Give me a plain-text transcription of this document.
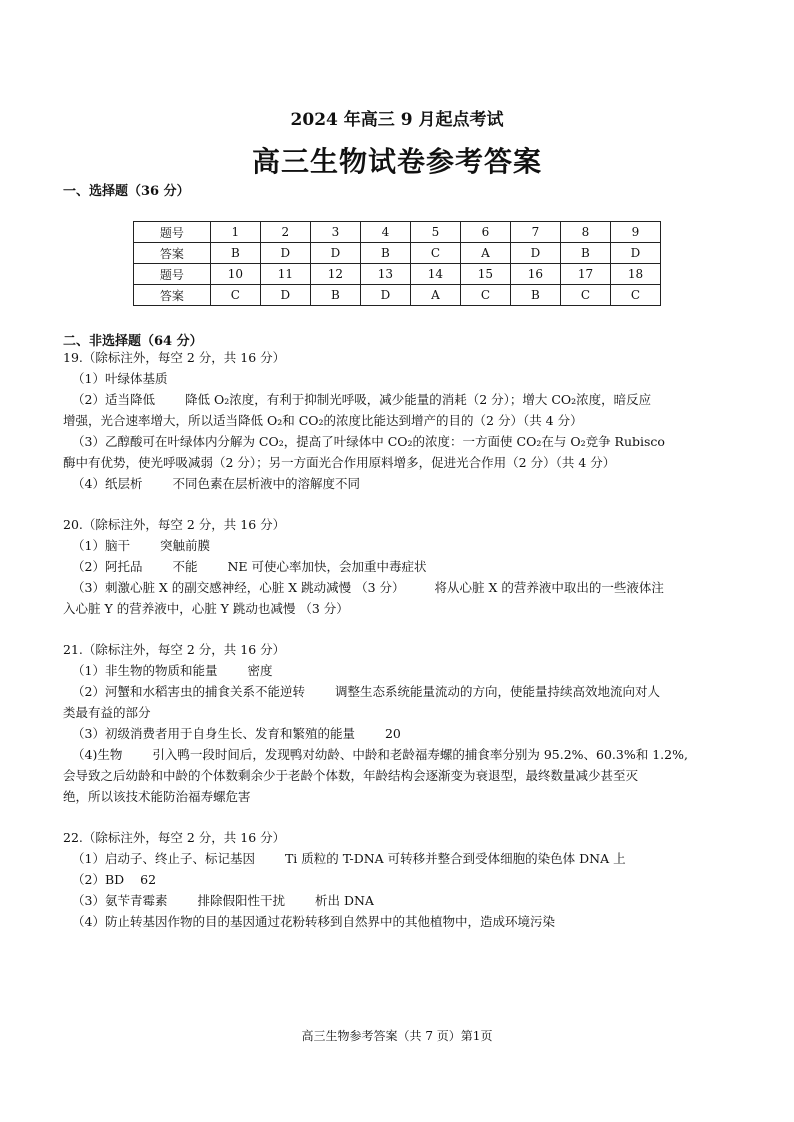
2024 年高三 9 月起点考试
高三生物试卷参考答案
一、选择题（36 分）
题号	1	2	3	4	5	6	7	8	9
答案	B	D	D	B	C	A	D	B	D
题号	10	11	12	13	14	15	16	17	18
答案	C	D	B	D	A	C	B	C	C
二、非选择题（64 分）
19.（除标注外，每空 2 分，共 16 分）
（1）叶绿体基质
（2）适当降低 降低 O₂浓度，有利于抑制光呼吸，减少能量的消耗（2 分）；增大 CO₂浓度，暗反应
增强，光合速率增大，所以适当降低 O₂和 CO₂的浓度比能达到增产的目的（2 分）（共 4 分）
（3）乙醇酸可在叶绿体内分解为 CO₂，提高了叶绿体中 CO₂的浓度：一方面使 CO₂在与 O₂竞争 Rubisco
酶中有优势，使光呼吸减弱（2 分）；另一方面光合作用原料增多，促进光合作用（2 分）（共 4 分）
（4）纸层析 不同色素在层析液中的溶解度不同
20.（除标注外，每空 2 分，共 16 分）
（1）脑干 突触前膜
（2）阿托品 不能 NE 可使心率加快，会加重中毒症状
（3）刺激心脏 X 的副交感神经，心脏 X 跳动减慢 （3 分） 将从心脏 X 的营养液中取出的一些液体注
入心脏 Y 的营养液中，心脏 Y 跳动也减慢 （3 分）
21.（除标注外，每空 2 分，共 16 分）
（1）非生物的物质和能量 密度
（2）河蟹和水稻害虫的捕食关系不能逆转 调整生态系统能量流动的方向，使能量持续高效地流向对人
类最有益的部分
（3）初级消费者用于自身生长、发育和繁殖的能量 20
（4)生物 引入鸭一段时间后，发现鸭对幼龄、中龄和老龄福寿螺的捕食率分别为 95.2%、60.3%和 1.2%,
会导致之后幼龄和中龄的个体数剩余少于老龄个体数，年龄结构会逐渐变为衰退型，最终数量减少甚至灭
绝，所以该技术能防治福寿螺危害
22.（除标注外，每空 2 分，共 16 分）
（1）启动子、终止子、标记基因 Ti 质粒的 T-DNA 可转移并整合到受体细胞的染色体 DNA 上
（2）BD 62
（3）氨苄青霉素 排除假阳性干扰 析出 DNA
（4）防止转基因作物的目的基因通过花粉转移到自然界中的其他植物中，造成环境污染
高三生物参考答案（共 7 页）第1页
